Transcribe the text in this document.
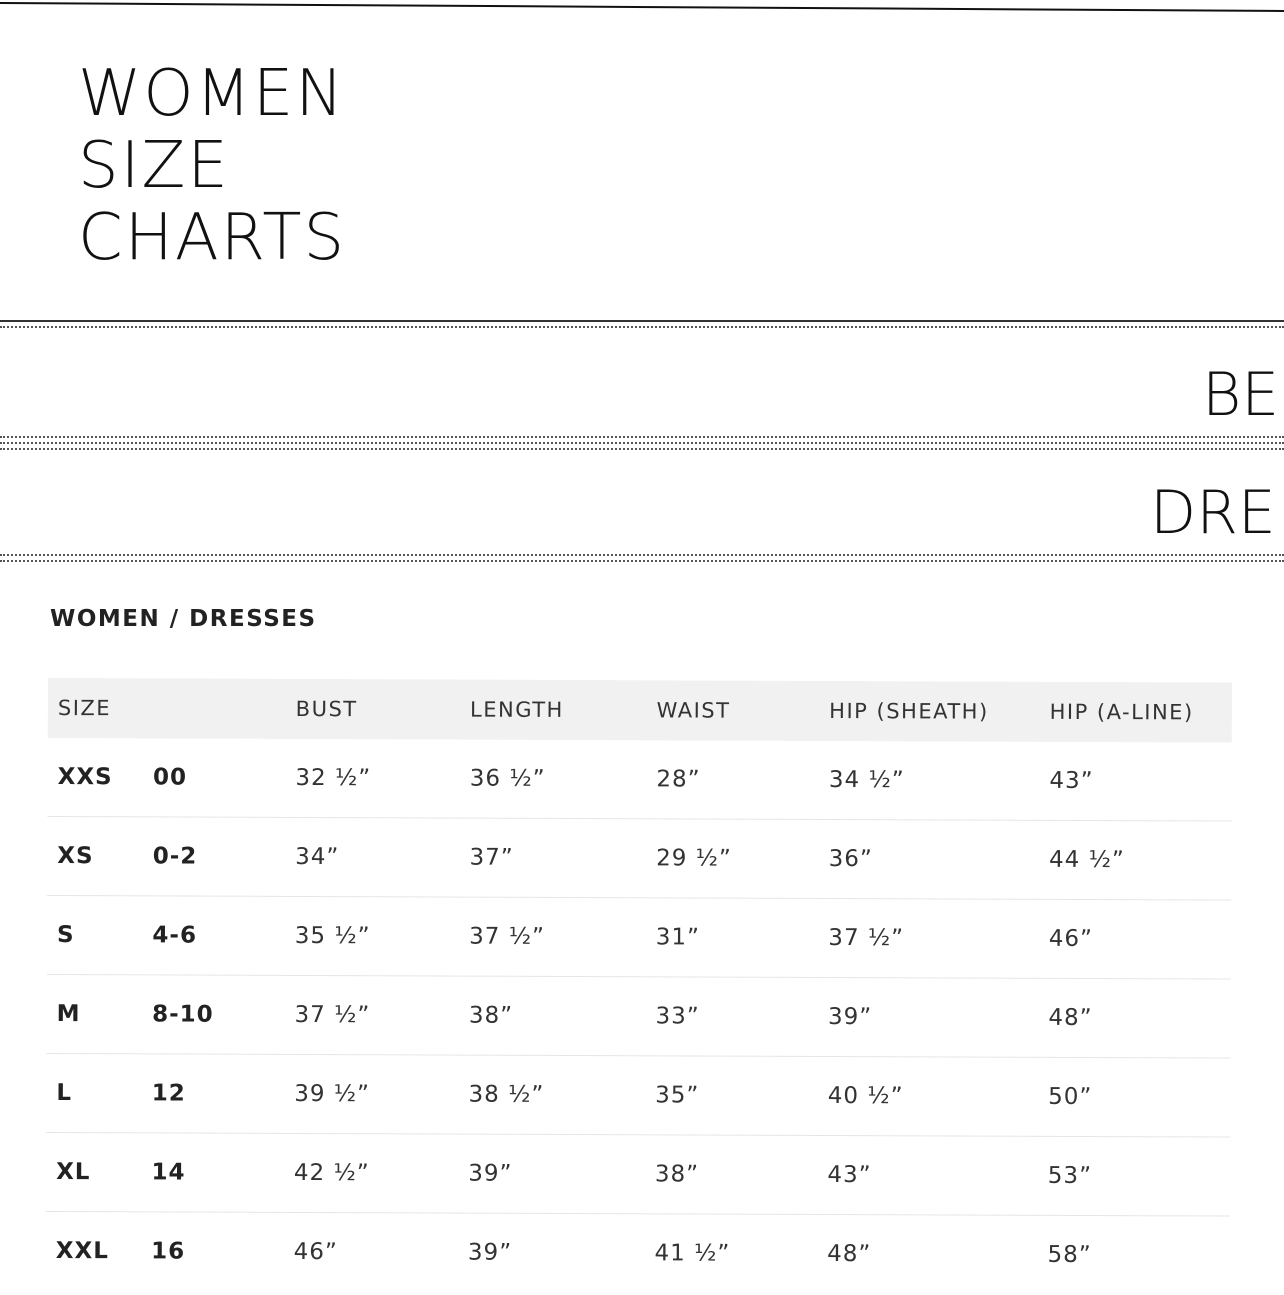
WOMEN
SIZE
CHARTS
BE
DRE
WOMEN / DRESSES
SIZE		BUST	LENGTH	WAIST	HIP (SHEATH)	HIP (A-LINE)
XXS	00	32 ½”	36 ½”	28”	34 ½”	43”
XS	0-2	34”	37”	29 ½”	36”	44 ½”
S	4-6	35 ½”	37 ½”	31”	37 ½”	46”
M	8-10	37 ½”	38”	33”	39”	48”
L	12	39 ½”	38 ½”	35”	40 ½”	50”
XL	14	42 ½”	39”	38”	43”	53”
XXL	16	46”	39”	41 ½”	48”	58”
